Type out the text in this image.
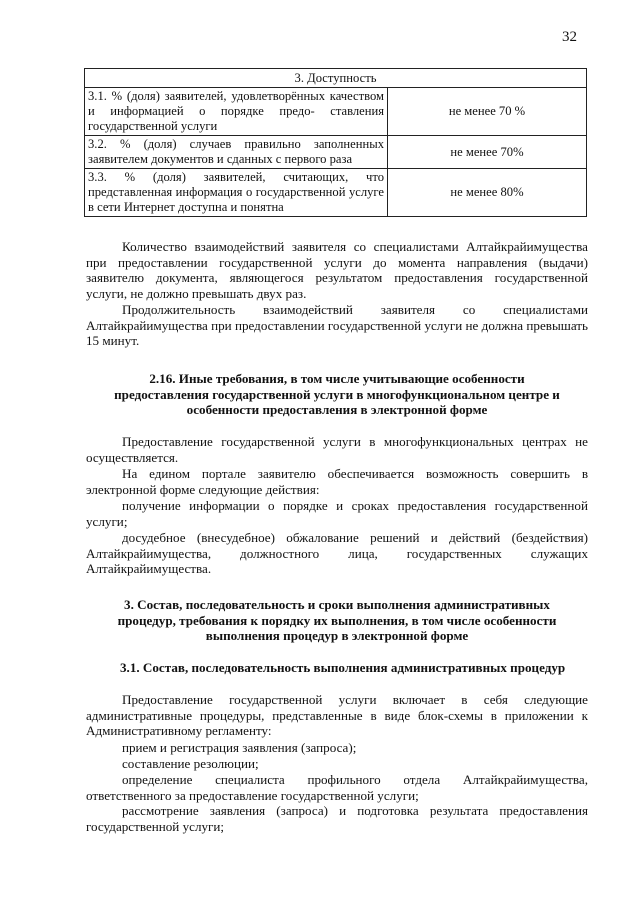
32
3. Доступность	
3.1. % (доля) заявителей, удовлетворённых качеством и информацией о порядке предо- ставления государственной услуги	не менее 70 %
3.2. % (доля) случаев правильно заполненных заявителем документов и сданных с первого раза	не менее 70%
3.3. % (доля) заявителей, считающих, что представленная информация о государственной услуге в сети Интернет доступна и понятна	не менее 80%
Количество взаимодействий заявителя со специалистами Алтайкрайимущества при предоставлении государственной услуги до момента направления (выдачи) заявителю документа, являющегося результатом предоставления государственной услуги, не должно превышать двух раз.
Продолжительность взаимодействий заявителя со специалистами Алтайкрайимущества при предоставлении государственной услуги не должна превышать 15 минут.
2.16. Иные требования, в том числе учитывающие особенности
предоставления государственной услуги в многофункциональном центре и
особенности предоставления в электронной форме
Предоставление государственной услуги в многофункциональных центрах не осуществляется.
На едином портале заявителю обеспечивается возможность совершить в электронной форме следующие действия:
получение информации о порядке и сроках предоставления государственной услуги;
досудебное (внесудебное) обжалование решений и действий (бездействия) Алтайкрайимущества, должностного лица, государственных служащих Алтайкрайимущества.
3. Состав, последовательность и сроки выполнения административных
процедур, требования к порядку их выполнения, в том числе особенности
выполнения процедур в электронной форме
3.1. Состав, последовательность выполнения административных процедур
Предоставление государственной услуги включает в себя следующие административные процедуры, представленные в виде блок-схемы в приложении к Административному регламенту:
прием и регистрация заявления (запроса);
составление резолюции;
определение специалиста профильного отдела Алтайкрайимущества, ответственного за предоставление государственной услуги;
рассмотрение заявления (запроса) и подготовка результата предоставления государственной услуги;
